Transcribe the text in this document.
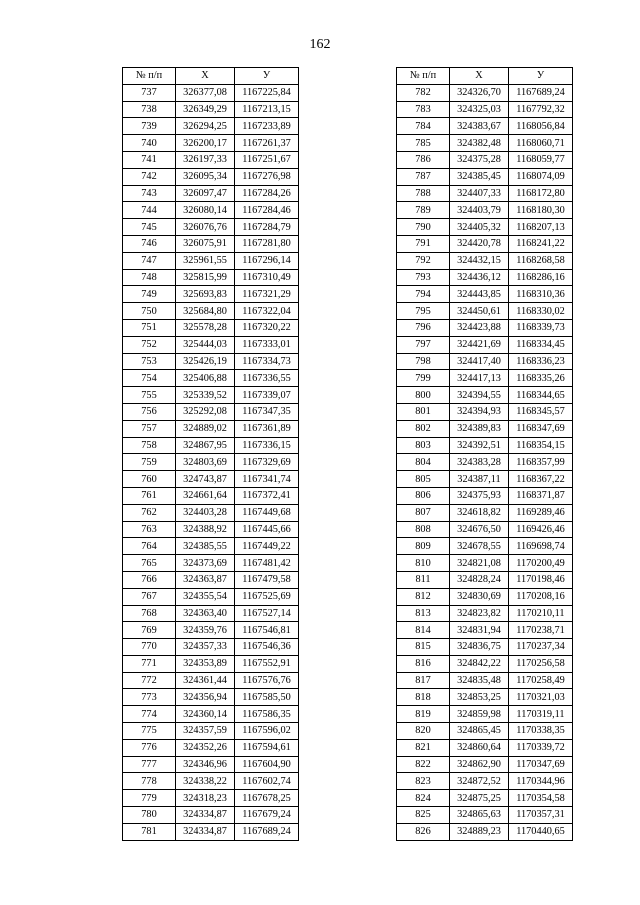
162
№ п/п	X	У
737	326377,08	1167225,84
738	326349,29	1167213,15
739	326294,25	1167233,89
740	326200,17	1167261,37
741	326197,33	1167251,67
742	326095,34	1167276,98
743	326097,47	1167284,26
744	326080,14	1167284,46
745	326076,76	1167284,79
746	326075,91	1167281,80
747	325961,55	1167296,14
748	325815,99	1167310,49
749	325693,83	1167321,29
750	325684,80	1167322,04
751	325578,28	1167320,22
752	325444,03	1167333,01
753	325426,19	1167334,73
754	325406,88	1167336,55
755	325339,52	1167339,07
756	325292,08	1167347,35
757	324889,02	1167361,89
758	324867,95	1167336,15
759	324803,69	1167329,69
760	324743,87	1167341,74
761	324661,64	1167372,41
762	324403,28	1167449,68
763	324388,92	1167445,66
764	324385,55	1167449,22
765	324373,69	1167481,42
766	324363,87	1167479,58
767	324355,54	1167525,69
768	324363,40	1167527,14
769	324359,76	1167546,81
770	324357,33	1167546,36
771	324353,89	1167552,91
772	324361,44	1167576,76
773	324356,94	1167585,50
774	324360,14	1167586,35
775	324357,59	1167596,02
776	324352,26	1167594,61
777	324346,96	1167604,90
778	324338,22	1167602,74
779	324318,23	1167678,25
780	324334,87	1167679,24
781	324334,87	1167689,24
№ п/п	X	У
782	324326,70	1167689,24
783	324325,03	1167792,32
784	324383,67	1168056,84
785	324382,48	1168060,71
786	324375,28	1168059,77
787	324385,45	1168074,09
788	324407,33	1168172,80
789	324403,79	1168180,30
790	324405,32	1168207,13
791	324420,78	1168241,22
792	324432,15	1168268,58
793	324436,12	1168286,16
794	324443,85	1168310,36
795	324450,61	1168330,02
796	324423,88	1168339,73
797	324421,69	1168334,45
798	324417,40	1168336,23
799	324417,13	1168335,26
800	324394,55	1168344,65
801	324394,93	1168345,57
802	324389,83	1168347,69
803	324392,51	1168354,15
804	324383,28	1168357,99
805	324387,11	1168367,22
806	324375,93	1168371,87
807	324618,82	1169289,46
808	324676,50	1169426,46
809	324678,55	1169698,74
810	324821,08	1170200,49
811	324828,24	1170198,46
812	324830,69	1170208,16
813	324823,82	1170210,11
814	324831,94	1170238,71
815	324836,75	1170237,34
816	324842,22	1170256,58
817	324835,48	1170258,49
818	324853,25	1170321,03
819	324859,98	1170319,11
820	324865,45	1170338,35
821	324860,64	1170339,72
822	324862,90	1170347,69
823	324872,52	1170344,96
824	324875,25	1170354,58
825	324865,63	1170357,31
826	324889,23	1170440,65
